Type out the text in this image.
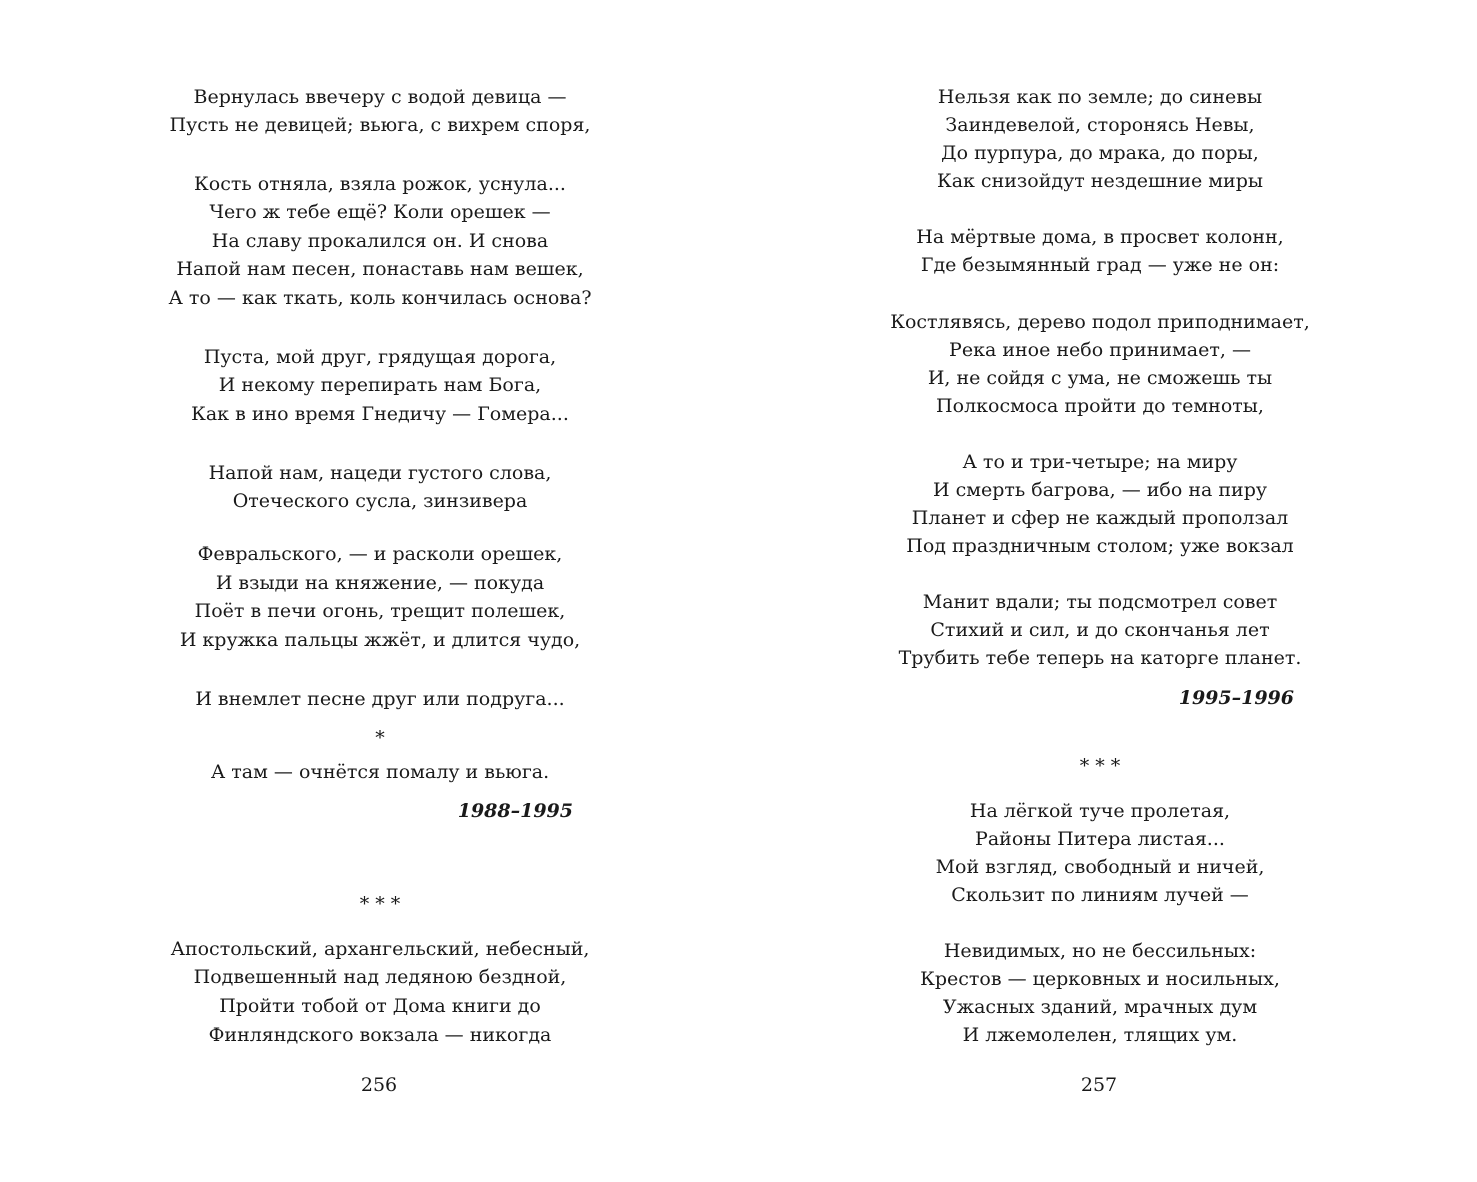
Вернулась ввечеру с водой девица —
Пусть не девицей; вьюга, с вихрем споря,
Кость отняла, взяла рожок, уснула...
Чего ж тебе ещё? Коли орешек —
На славу прокалился он. И снова
Напой нам песен, понаставь нам вешек,
А то — как ткать, коль кончилась основа?
Пуста, мой друг, грядущая дорога,
И некому перепирать нам Бога,
Как в ино время Гнедичу — Гомера...
Напой нам, нацеди густого слова,
Отеческого сусла, зинзивера
Февральского, — и расколи орешек,
И взыди на княжение, — покуда
Поёт в печи огонь, трещит полешек,
И кружка пальцы жжёт, и длится чудо,
И внемлет песне друг или подруга...
*
А там — очнётся помалу и вьюга.
1988–1995
* * *
Апостольский, архангельский, небесный,
Подвешенный над ледяною бездной,
Пройти тобой от Дома книги до
Финляндского вокзала — никогда
256
Нельзя как по земле; до синевы
Заиндевелой, сторонясь Невы,
До пурпура, до мрака, до поры,
Как снизойдут нездешние миры
На мёртвые дома, в просвет колонн,
Где безымянный град — уже не он:
Костлявясь, дерево подол приподнимает,
Река иное небо принимает, —
И, не сойдя с ума, не сможешь ты
Полкосмоса пройти до темноты,
А то и три-четыре; на миру
И смерть багрова, — ибо на пиру
Планет и сфер не каждый проползал
Под праздничным столом; уже вокзал
Манит вдали; ты подсмотрел совет
Стихий и сил, и до скончанья лет
Трубить тебе теперь на каторге планет.
1995–1996
* * *
На лёгкой туче пролетая,
Районы Питера листая...
Мой взгляд, свободный и ничей,
Скользит по линиям лучей —
Невидимых, но не бессильных:
Крестов — церковных и носильных,
Ужасных зданий, мрачных дум
И лжемолелен, тлящих ум.
257
